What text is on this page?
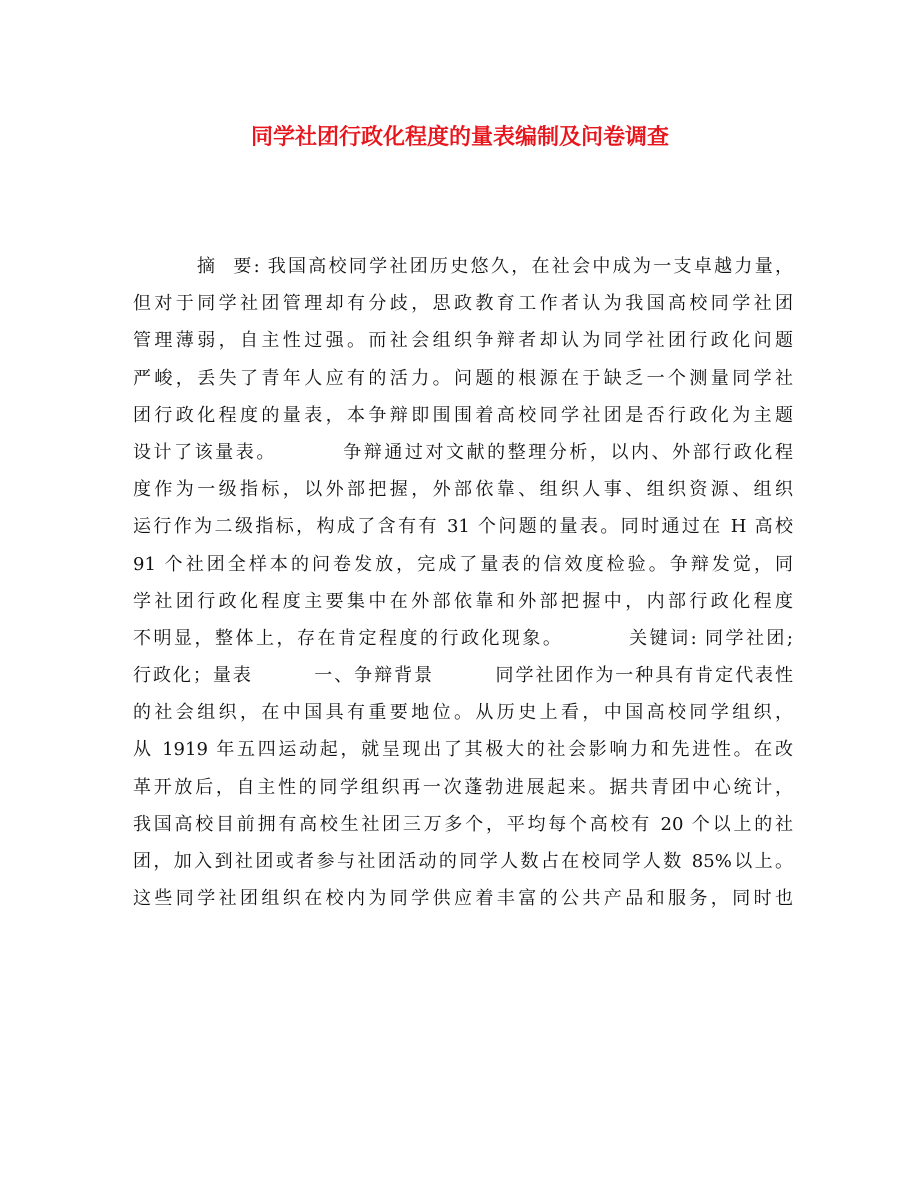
同学社团行政化程度的量表编制及问卷调查
摘  要: 我国高校同学社团历史悠久，在社会中成为一支卓越力量，
但对于同学社团管理却有分歧，思政教育工作者认为我国高校同学社团
管理薄弱，自主性过强。而社会组织争辩者却认为同学社团行政化问题
严峻，丢失了青年人应有的活力。问题的根源在于缺乏一个测量同学社
团行政化程度的量表，本争辩即围围着高校同学社团是否行政化为主题
设计了该量表。        争辩通过对文献的整理分析，以内、外部行政化程
度作为一级指标，以外部把握，外部依靠、组织人事、组织资源、组织
运行作为二级指标，构成了含有有 31 个问题的量表。同时通过在 H 高校
91 个社团全样本的问卷发放，完成了量表的信效度检验。争辩发觉，同
学社团行政化程度主要集中在外部依靠和外部把握中，内部行政化程度
不明显，整体上，存在肯定程度的行政化现象。        关键词: 同学社团;
行政化；量表        一、争辩背景        同学社团作为一种具有肯定代表性
的社会组织，在中国具有重要地位。从历史上看，中国高校同学组织，
从 1919 年五四运动起，就呈现出了其极大的社会影响力和先进性。在改
革开放后，自主性的同学组织再一次蓬勃进展起来。据共青团中心统计，
我国高校目前拥有高校生社团三万多个，平均每个高校有 20 个以上的社
团，加入到社团或者参与社团活动的同学人数占在校同学人数 85%以上。
这些同学社团组织在校内为同学供应着丰富的公共产品和服务，同时也
